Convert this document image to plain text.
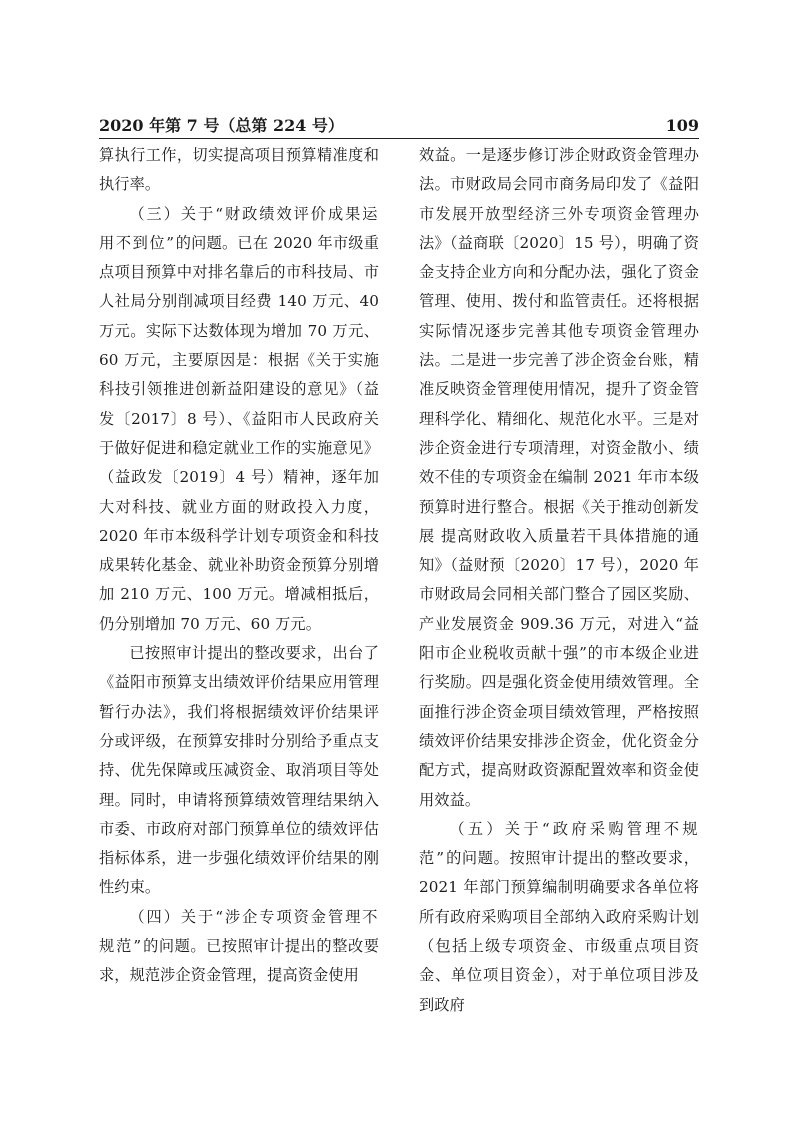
2020 年第 7 号（总第 224 号）	109

算执行工作，切实提高项目预算精准度和执行率。

（三）关于“财政绩效评价成果运用不到位”的问题。已在 2020 年市级重点项目预算中对排名靠后的市科技局、市人社局分别削减项目经费 140 万元、40 万元。实际下达数体现为增加 70 万元、60 万元，主要原因是：根据《关于实施科技引领推进创新益阳建设的意见》（益发〔2017〕8 号）、《益阳市人民政府关于做好促进和稳定就业工作的实施意见》（益政发〔2019〕4 号）精神，逐年加大对科技、就业方面的财政投入力度，2020 年市本级科学计划专项资金和科技成果转化基金、就业补助资金预算分别增加 210 万元、100 万元。增减相抵后，仍分别增加 70 万元、60 万元。

已按照审计提出的整改要求，出台了《益阳市预算支出绩效评价结果应用管理暂行办法》，我们将根据绩效评价结果评分或评级，在预算安排时分别给予重点支持、优先保障或压减资金、取消项目等处理。同时，申请将预算绩效管理结果纳入市委、市政府对部门预算单位的绩效评估指标体系，进一步强化绩效评价结果的刚性约束。

（四）关于“涉企专项资金管理不规范”的问题。已按照审计提出的整改要求，规范涉企资金管理，提高资金使用

效益。一是逐步修订涉企财政资金管理办法。市财政局会同市商务局印发了《益阳市发展开放型经济三外专项资金管理办法》（益商联〔2020〕15 号），明确了资金支持企业方向和分配办法，强化了资金管理、使用、拨付和监管责任。还将根据实际情况逐步完善其他专项资金管理办法。二是进一步完善了涉企资金台账，精准反映资金管理使用情况，提升了资金管理科学化、精细化、规范化水平。三是对涉企资金进行专项清理，对资金散小、绩效不佳的专项资金在编制 2021 年市本级预算时进行整合。根据《关于推动创新发展 提高财政收入质量若干具体措施的通知》（益财预〔2020〕17 号），2020 年市财政局会同相关部门整合了园区奖励、产业发展资金 909.36 万元，对进入“益阳市企业税收贡献十强”的市本级企业进行奖励。四是强化资金使用绩效管理。全面推行涉企资金项目绩效管理，严格按照绩效评价结果安排涉企资金，优化资金分配方式，提高财政资源配置效率和资金使用效益。

（五）关于“政府采购管理不规范”的问题。按照审计提出的整改要求，2021 年部门预算编制明确要求各单位将所有政府采购项目全部纳入政府采购计划（包括上级专项资金、市级重点项目资金、单位项目资金），对于单位项目涉及到政府
